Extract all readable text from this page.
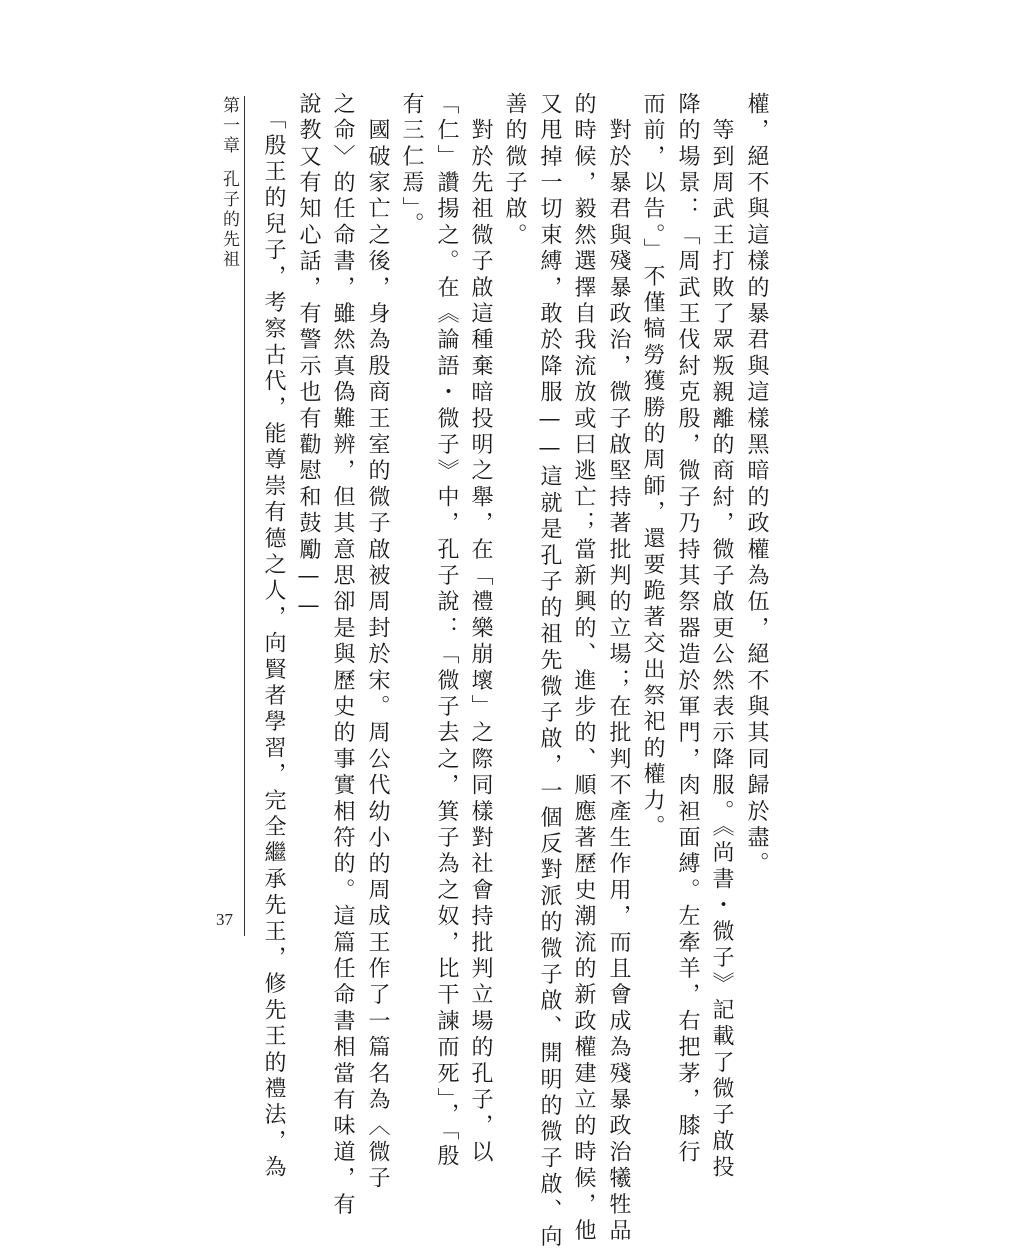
權，絕不與這樣的暴君與這樣黑暗的政權為伍，絕不與其同歸於盡。
　等到周武王打敗了眾叛親離的商紂，微子啟更公然表示降服。《尚書・微子》記載了微子啟投
降的場景：「周武王伐紂克殷，微子乃持其祭器造於軍門，肉袒面縛。左牽羊，右把茅，膝行
而前，以告。」不僅犒勞獲勝的周師，還要跪著交出祭祀的權力。
　對於暴君與殘暴政治，微子啟堅持著批判的立場；在批判不產生作用，而且會成為殘暴政治犧牲品
的時候，毅然選擇自我流放或曰逃亡；當新興的、進步的、順應著歷史潮流的新政權建立的時候，他
又甩掉一切束縛，敢於降服——這就是孔子的祖先微子啟，一個反對派的微子啟、開明的微子啟、向
善的微子啟。
　對於先祖微子啟這種棄暗投明之舉，在「禮樂崩壞」之際同樣對社會持批判立場的孔子，以
「仁」讚揚之。在《論語・微子》中，孔子說：「微子去之，箕子為之奴，比干諫而死」，「殷
有三仁焉」。
　國破家亡之後，身為殷商王室的微子啟被周封於宋。周公代幼小的周成王作了一篇名為〈微子
之命〉的任命書，雖然真偽難辨，但其意思卻是與歷史的事實相符的。這篇任命書相當有味道，有
說教又有知心話，有警示也有勸慰和鼓勵——
第一章孔子的先祖
37 　「殷王的兒子，考察古代，能尊崇有德之人，向賢者學習，完全繼承先王，修先王的禮法，為
